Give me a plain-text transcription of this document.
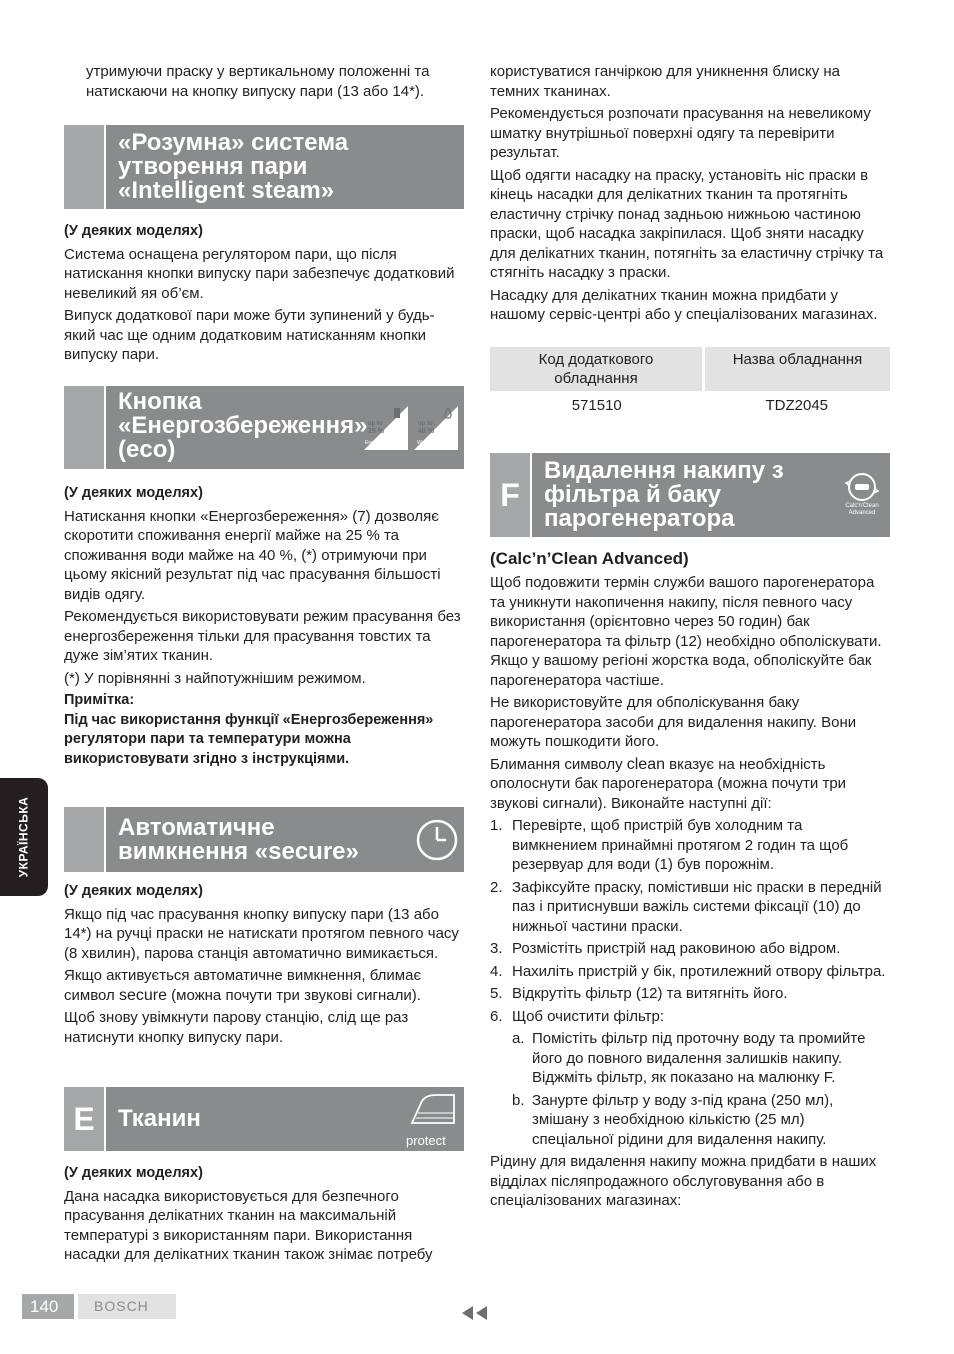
утримуючи праску у вертикальному положенні та натискаючи на кнопку випуску пари (13 або 14*).

«Розумна» система
утворення пари
«Intelligent steam»

(У деяких моделях)

Система оснащена регулятором пари, що після натискання кнопки випуску пари забезпечує додатковий невеликий яя об’єм.

Випуск додаткової пари може бути зупинений у будь-який час ще одним додатковим натисканням кнопки випуску пари.

Кнопка
«Енергозбереження»
(eco)
up to
25 %
up to
40 %
Energy Saving	Water Saving

(У деяких моделях)

Натискання кнопки «Енергозбереження» (7) дозволяє скоротити споживання енергії майже на 25 % та споживання води майже на 40 %, (*) отримуючи при цьому якісний результат під час прасування більшості видів одягу.

Рекомендується використовувати режим прасування без енергозбереження тільки для прасування товстих та дуже зім’ятих тканин.

(*) У порівнянні з найпотужнішим режимом.

Примітка:

Під час використання функції «Енергозбереження» регулятори пари та температури можна використовувати згідно з інструкціями.

Автоматичне
вимкнення «secure»

(У деяких моделях)

Якщо під час прасування кнопку випуску пари (13 або 14*) на ручці праски не натискати протягом певного часу (8 хвилин), парова станція автоматично вимикається.

Якщо активується автоматичне вимкнення, блимає символ secure (можна почути три звукові сигнали).

Щоб знову увімкнути парову станцію, слід ще раз натиснути кнопку випуску пари.

E Тканин
protect

(У деяких моделях)

Дана насадка використовується для безпечного прасування делікатних тканин на максимальній температурі з використанням пари. Використання насадки для делікатних тканин також знімає потребу

користуватися ганчіркою для уникнення блиску на темних тканинах.

Рекомендується розпочати прасування на невеликому шматку внутрішньої поверхні одягу та перевірити результат.

Щоб одягти насадку на праску, установіть ніс праски в кінець насадки для делікатних тканин та протягніть еластичну стрічку понад задньою нижньою частиною праски, щоб насадка закріпилася. Щоб зняти насадку для делікатних тканин, потягніть за еластичну стрічку та стягніть насадку з праски.

Насадку для делікатних тканин можна придбати у нашому сервіс-центрі або у спеціалізованих магазинах.

Код додаткового обладнання	Назва обладнання
571510	TDZ2045
F
Видалення накипу з
фільтра й баку
парогенератора	Calc'n'Clean
Advanced

(Calc’n’Clean Advanced)

Щоб подовжити термін служби вашого парогенератора та уникнути накопичення накипу, після певного часу використання (орієнтовно через 50 годин) бак парогенератора та фільтр (12) необхідно обполіскувати. Якщо у вашому регіоні жорстка вода, обполіскуйте бак парогенератора частіше.

Не використовуйте для обполіскування баку парогенератора засоби для видалення накипу. Вони можуть пошкодити його.

Блимання символу clean вказує на необхідність ополоснути бак парогенератора (можна почути три звукові сигнали). Виконайте наступні дії:

1. Перевірте, щоб пристрій був холодним та вимкнением принаймні протягом 2 годин та щоб резервуар для води (1) був порожнім.
2. Зафіксуйте праску, помістивши ніс праски в передній паз і притиснувши важіль системи фіксації (10) до нижньої частини праски.
3. Розмістіть пристрій над раковиною або відром.
4. Нахиліть пристрій у бік, протилежний отвору фільтра.
5. Відкрутіть фільтр (12) та витягніть його.
6. Щоб очистити фільтр:
a. Помістіть фільтр під проточну воду та промийте його до повного видалення залишків накипу. Віджміть фільтр, як показано на малюнку F.
b. Занурте фільтр у воду з-під крана (250 мл), змішану з необхідною кількістю (25 мл) спеціальної рідини для видалення накипу.

Рідину для видалення накипу можна придбати в наших відділах післяпродажного обслуговування або в спеціалізованих магазинах:

УКРАЇНСЬКА
140	BOSCH
